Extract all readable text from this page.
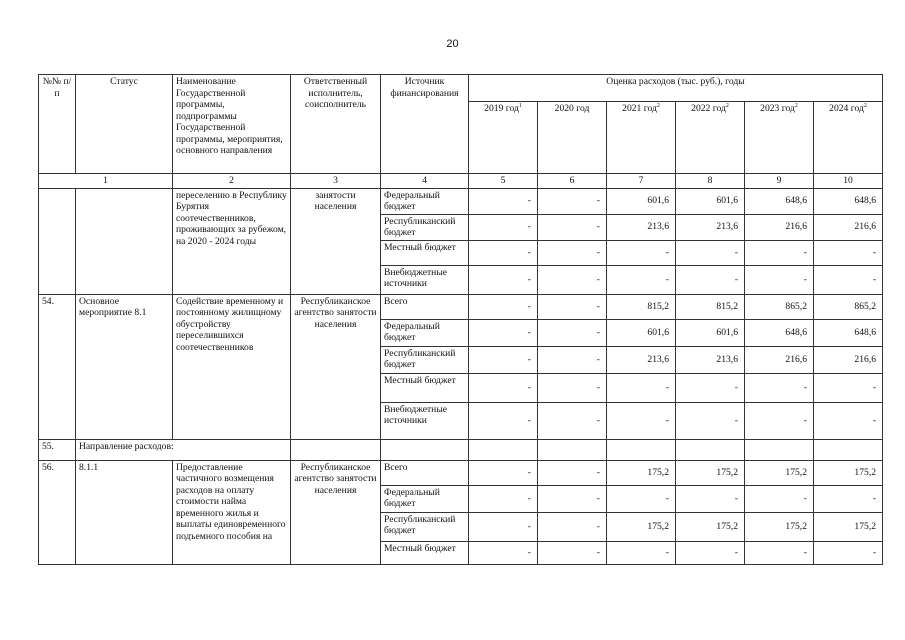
20
№№ п/п	Статус	Наименование Государственной программы, подпрограммы Государственной программы, мероприятия, основного направления	Ответственный исполнитель, соисполнитель	Источник финансирования	Оценка расходов (тыс. руб.), годы					
					2019 год$^1$	2020 год	2021 год$^2$	2022 год$^2$	2023 год$^2$	2024 год$^2$
1		2	3	4	5	6	7	8	9	10
		переселению в Республику Бурятия соотечественников, проживающих за рубежом, на 2020 - 2024 годы	занятости населения	Федеральный бюджет	-	-	601,6	601,6	648,6	648,6
				Республиканский бюджет	-	-	213,6	213,6	216,6	216,6
				Местный бюджет	-	-	-	-	-	-
				Внебюджетные источники	-	-	-	-	-	-
54.	Основное мероприятие 8.1	Содействие временному и постоянному жилищному обустройству переселившихся соотечественников	Республиканское агентство занятости населения	Всего	-	-	815,2	815,2	865,2	865,2
				Федеральный бюджет	-	-	601,6	601,6	648,6	648,6
				Республиканский бюджет	-	-	213,6	213,6	216,6	216,6
				Местный бюджет	-	-	-	-	-	-
				Внебюджетные источники	-	-	-	-	-	-
55.	Направление расходов:									
56.	8.1.1	Предоставление частичного возмещения расходов на оплату стоимости найма временного жилья и выплаты единовременного подъемного пособия на	Республиканское агентство занятости населения	Всего	-	-	175,2	175,2	175,2	175,2
				Федеральный бюджет	-	-	-	-	-	-
				Республиканский бюджет	-	-	175,2	175,2	175,2	175,2
				Местный бюджет	-	-	-	-	-	-
